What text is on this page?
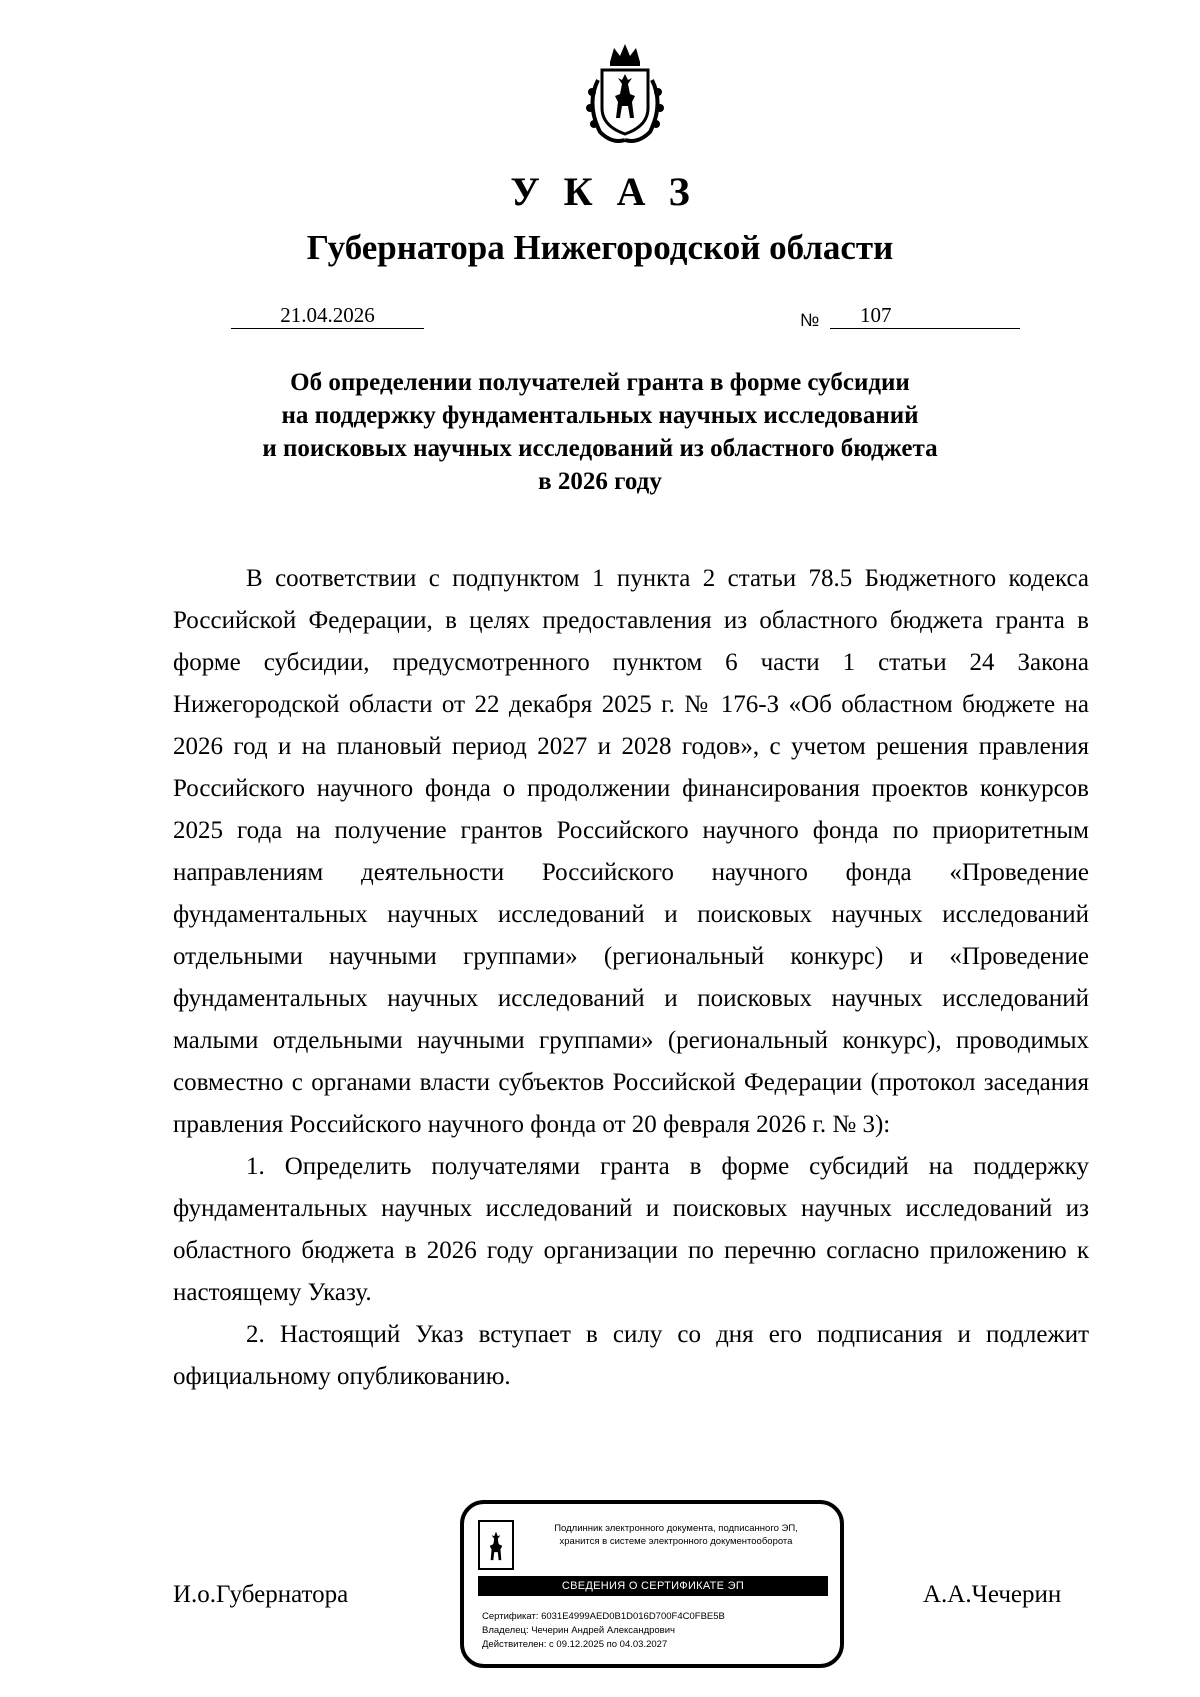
УКАЗ
Губернатора Нижегородской области
21.04.2026	№	107
Об определении получателей гранта в форме субсидии
на поддержку фундаментальных научных исследований
и поисковых научных исследований из областного бюджета
в 2026 году

В соответствии с подпунктом 1 пункта 2 статьи 78.5 Бюджетного кодекса Российской Федерации, в целях предоставления из областного бюджета гранта в форме субсидии, предусмотренного пунктом 6 части 1 статьи 24 Закона Нижегородской области от 22 декабря 2025 г. № 176-З «Об областном бюджете на 2026 год и на плановый период 2027 и 2028 годов», с учетом решения правления Российского научного фонда о продолжении финансирования проектов конкурсов 2025 года на получение грантов Российского научного фонда по приоритетным направлениям деятельности Российского научного фонда «Проведение фундаментальных научных исследований и поисковых научных исследований отдельными научными группами» (региональный конкурс) и «Проведение фундаментальных научных исследований и поисковых научных исследований малыми отдельными научными группами» (региональный конкурс), проводимых совместно с органами власти субъектов Российской Федерации (протокол заседания правления Российского научного фонда от 20 февраля 2026 г. № 3):

1. Определить получателями гранта в форме субсидий на поддержку фундаментальных научных исследований и поисковых научных исследований из областного бюджета в 2026 году организации по перечню согласно приложению к настоящему Указу.

2. Настоящий Указ вступает в силу со дня его подписания и подлежит официальному опубликованию.

И.о.Губернатора	А.А.Чечерин
Подлинник электронного документа, подписанного ЭП,
хранится в системе электронного документооборота
СВЕДЕНИЯ О СЕРТИФИКАТЕ ЭП
Сертификат: 6031E4999AED0B1D016D700F4C0FBE5B
Владелец: Чечерин Андрей Александрович
Действителен: с 09.12.2025 по 04.03.2027
